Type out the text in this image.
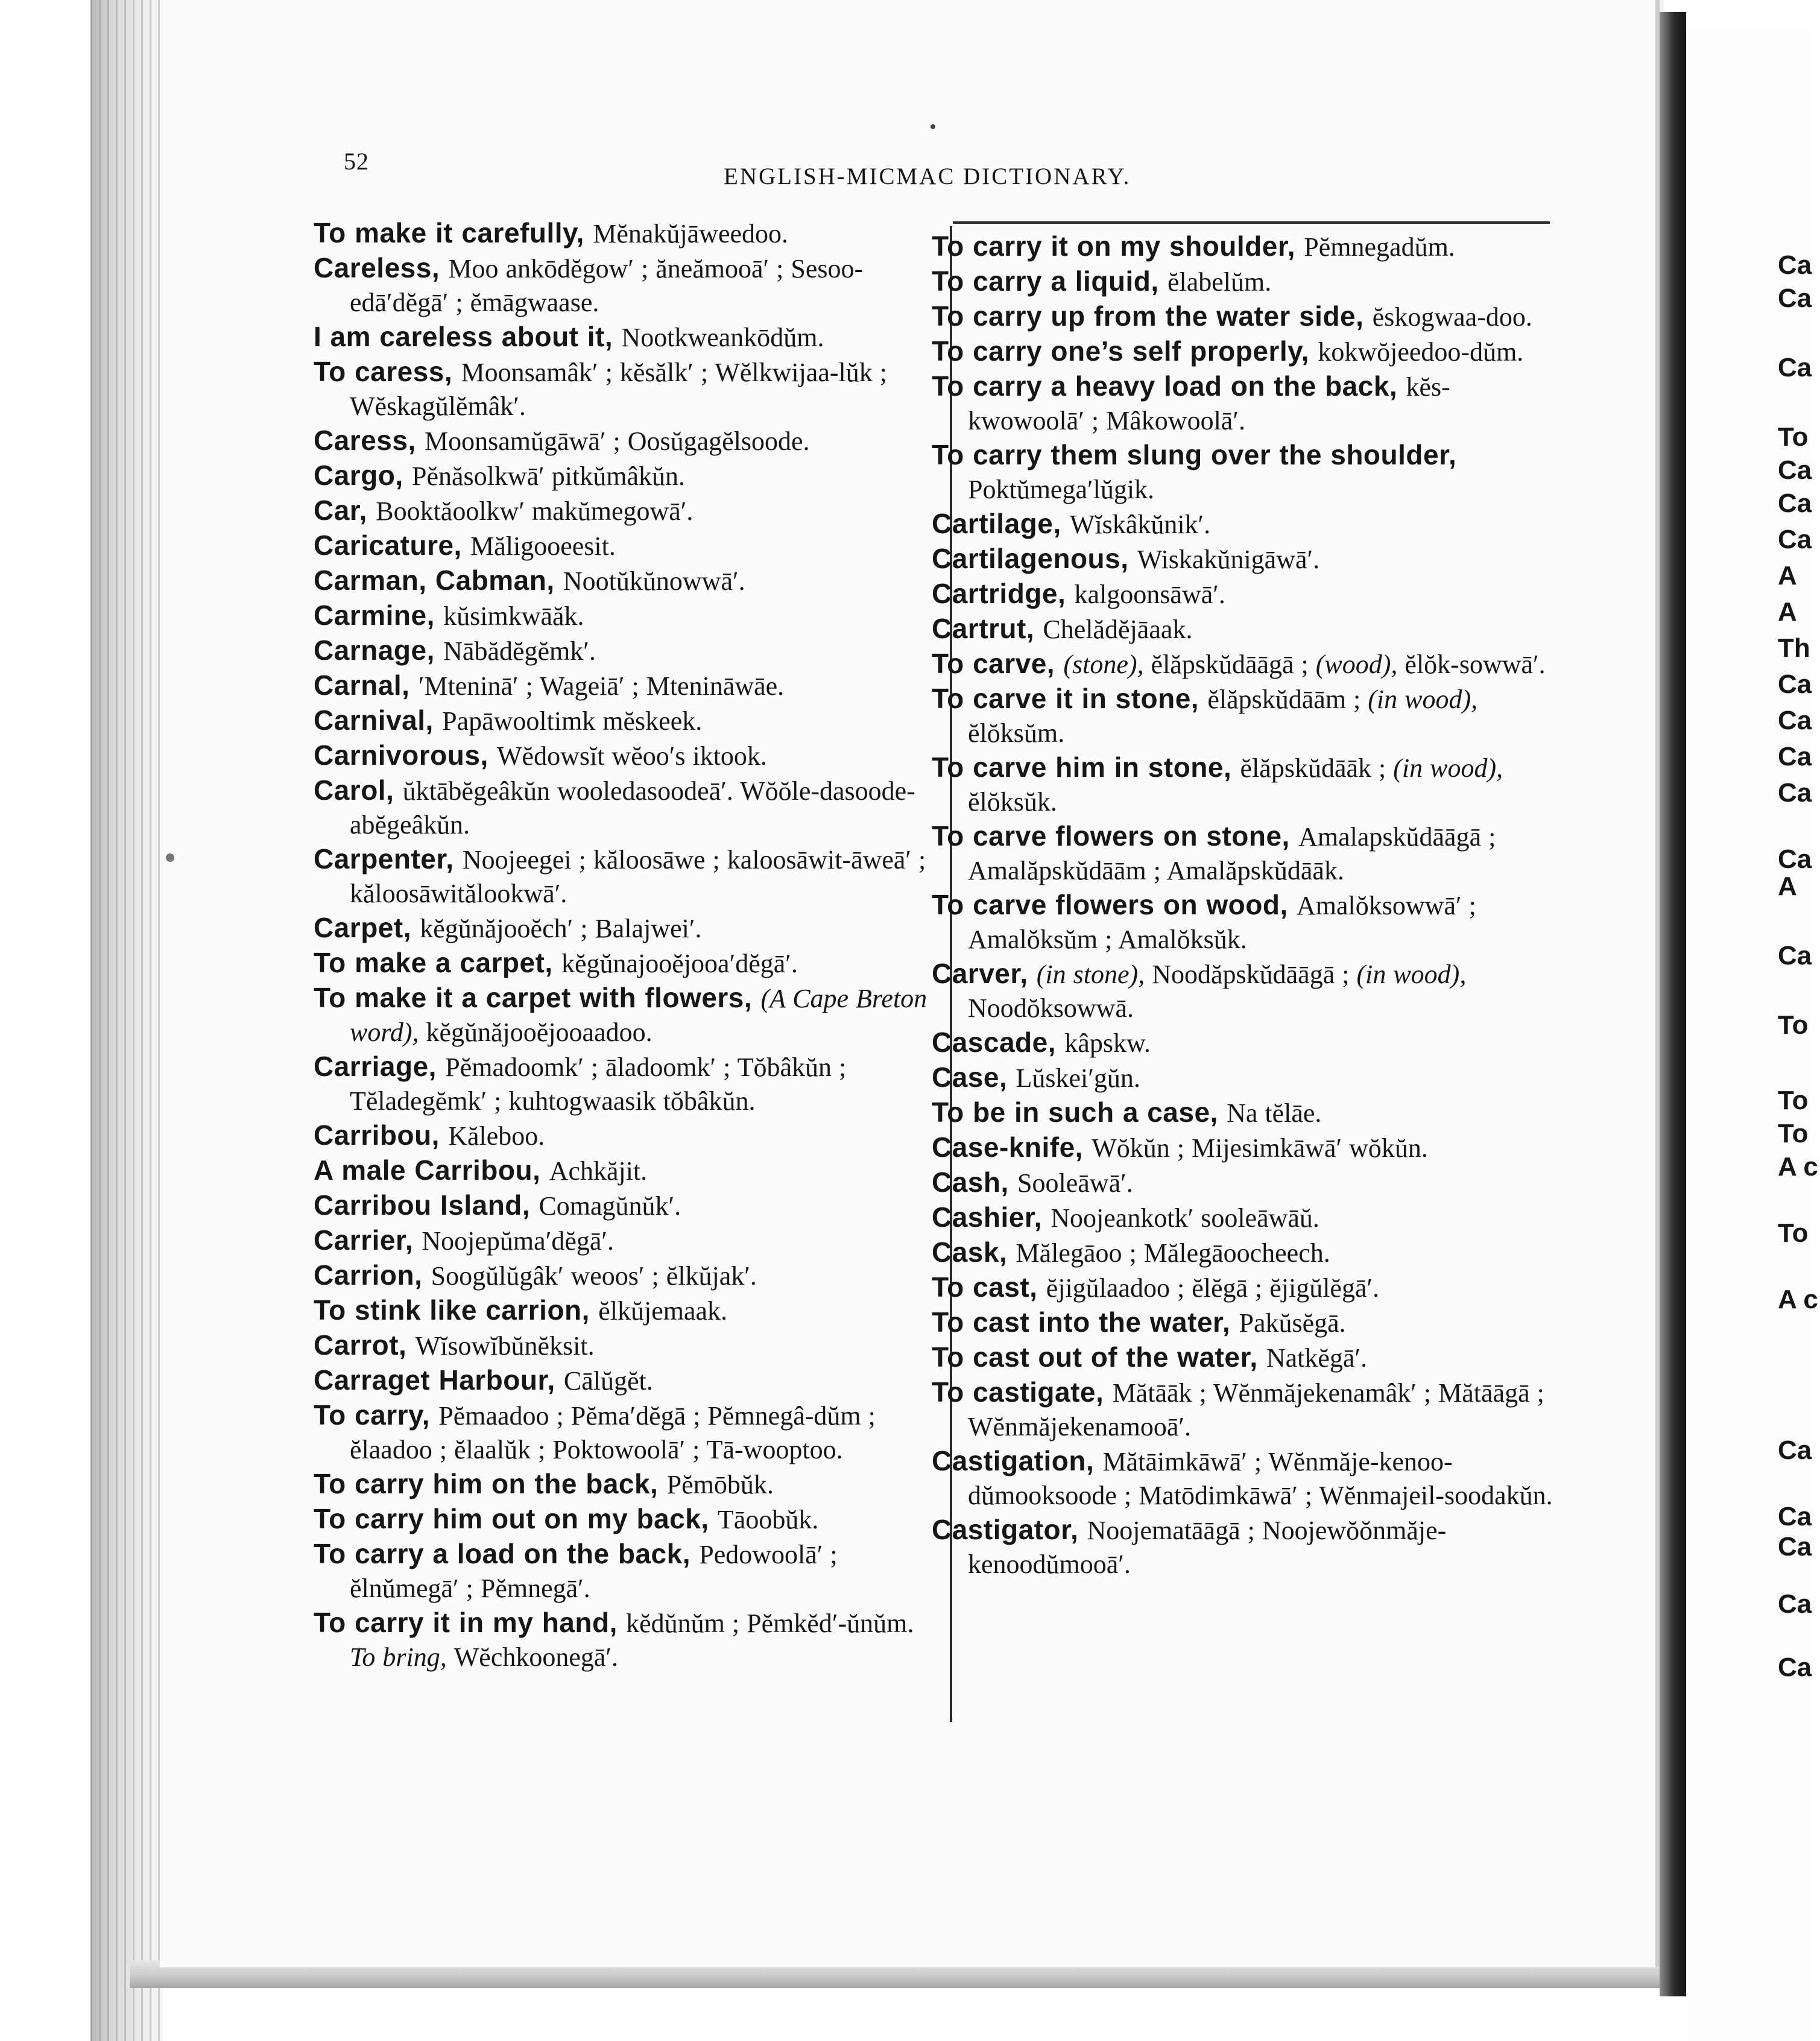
52
ENGLISH-MICMAC DICTIONARY.

To make it carefully, Mĕnakŭjāweedoo.

Careless, Moo ankōdĕgow′ ; ăneămooā′ ; Sesoo-edā′dĕgā′ ; ĕmāgwaase.

I am careless about it, Nootkweankōdŭm.

To caress, Moonsamâk′ ; kĕsălk′ ; Wĕlkwijaa-lŭk ; Wĕskagŭlĕmâk′.

Caress, Moonsamŭgāwā′ ; Oosŭgagĕlsoode.

Cargo, Pĕnăsolkwā′ pitkŭmâkŭn.

Car, Booktăoolkw′ makŭmegowā′.

Caricature, Măligooeesit.

Carman, Cabman, Nootŭkŭnowwā′.

Carmine, kŭsimkwāăk.

Carnage, Nābădĕgĕmk′.

Carnal, ′Mteninā′ ; Wageiā′ ; Mtenināwāe.

Carnival, Papāwooltimk mĕskeek.

Carnivorous, Wĕdowsĭt wĕoo′s iktook.

Carol, ŭktābĕgeâkŭn wooledasoodeā′. Wŏŏle-dasoode-abĕgeâkŭn.

Carpenter, Noojeegei ; kăloosāwe ; kaloosāwit-āweā′ ; kăloosāwitălookwā′.

Carpet, kĕgŭnăjooĕch′ ; Balajwei′.

To make a carpet, kĕgŭnajooĕjooa′dĕgā′.

To make it a carpet with flowers, (A Cape Breton word), kĕgŭnăjooĕjooaadoo.

Carriage, Pĕmadoomk′ ; āladoomk′ ; Tŏbâkŭn ; Tĕladegĕmk′ ; kuhtogwaasik tŏbâkŭn.

Carribou, Kăleboo.

A male Carribou, Achkăjit.

Carribou Island, Comagŭnŭk′.

Carrier, Noojepŭma′dĕgā′.

Carrion, Soogŭlŭgâk′ weoos′ ; ĕlkŭjak′.

To stink like carrion, ĕlkŭjemaak.

Carrot, Wĭsowĭbŭnĕksit.

Carraget Harbour, Cālŭgĕt.

To carry, Pĕmaadoo ; Pĕma′dĕgā ; Pĕmnegâ-dŭm ; ĕlaadoo ; ĕlaalŭk ; Poktowoolā′ ; Tā-wooptoo.

To carry him on the back, Pĕmōbŭk.

To carry him out on my back, Tāoobŭk.

To carry a load on the back, Pedowoolā′ ; ĕlnŭmegā′ ; Pĕmnegā′.

To carry it in my hand, kĕdŭnŭm ; Pĕmkĕd′-ŭnŭm. To bring, Wĕchkoonegā′.

To carry it on my shoulder, Pĕmnegadŭm.

To carry a liquid, ĕlabelŭm.

To carry up from the water side, ĕskogwaa-doo.

To carry one’s self properly, kokwŏjeedoo-dŭm.

To carry a heavy load on the back, kĕs-kwowoolā′ ; Mâkowoolā′.

To carry them slung over the shoulder, Poktŭmega′lŭgik.

Cartilage, Wĭskâkŭnik′.

Cartilagenous, Wiskakŭnigāwā′.

Cartridge, kalgoonsāwā′.

Cartrut, Chelădĕjāaak.

To carve, (stone), ĕlăpskŭdāāgā ; (wood), ĕlŏk-sowwā′.

To carve it in stone, ĕlăpskŭdāām ; (in wood), ĕlŏksŭm.

To carve him in stone, ĕlăpskŭdāāk ; (in wood), ĕlŏksŭk.

To carve flowers on stone, Amalapskŭdāāgā ; Amalăpskŭdāām ; Amalăpskŭdāāk.

To carve flowers on wood, Amalŏksowwā′ ; Amalŏksŭm ; Amalŏksŭk.

Carver, (in stone), Noodăpskŭdāāgā ; (in wood), Noodŏksowwā.

Cascade, kâpskw.

Case, Lŭskei′gŭn.

To be in such a case, Na tĕlāe.

Case-knife, Wŏkŭn ; Mijesimkāwā′ wŏkŭn.

Cash, Sooleāwā′.

Cashier, Noojeankotk′ sooleāwāŭ.

Cask, Mălegāoo ; Mălegāoocheech.

To cast, ĕjigŭlaadoo ; ĕlĕgā ; ĕjigŭlĕgā′.

To cast into the water, Pakŭsĕgā.

To cast out of the water, Natkĕgā′.

To castigate, Mătāāk ; Wĕnmăjekenamâk′ ; Mătāāgā ; Wĕnmăjekenamooā′.

Castigation, Mătāimkāwā′ ; Wĕnmăje-kenoo-dŭmooksoode ; Matōdimkāwā′ ; Wĕnmajeil-soodakŭn.

Castigator, Noojematāāgā ; Noojewŏŏnmăje-kenoodŭmooā′.

Ca
Ca
Ca
To
Ca
Ca
Ca
A
A
Th
Ca
Ca
Ca
Ca
Ca
A
Ca
To
To
To
A c
To
A c
Ca
Ca
Ca
Ca
Ca
